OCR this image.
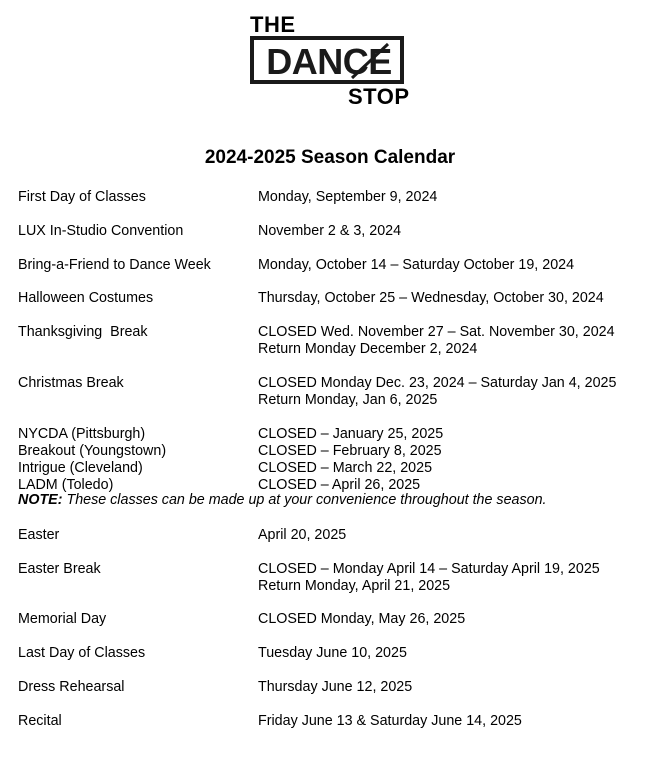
THE
DANCE
STOP
2024-2025 Season Calendar
First Day of Classes	Monday, September 9, 2024
LUX In-Studio Convention	November 2 & 3, 2024
Bring-a-Friend to Dance Week	Monday, October 14 – Saturday October 19, 2024
Halloween Costumes	Thursday, October 25 – Wednesday, October 30, 2024
Thanksgiving  Break	CLOSED Wed. November 27 – Sat. November 30, 2024
Return Monday December 2, 2024
Christmas Break	CLOSED Monday Dec. 23, 2024 – Saturday Jan 4, 2025
Return Monday, Jan 6, 2025
NYCDA (Pittsburgh)	CLOSED – January 25, 2025
Breakout (Youngstown)	CLOSED – February 8, 2025
Intrigue (Cleveland)	CLOSED – March 22, 2025
LADM (Toledo)	CLOSED – April 26, 2025
NOTE: These classes can be made up at your convenience throughout the season.
Easter	April 20, 2025
Easter Break	CLOSED – Monday April 14 – Saturday April 19, 2025
Return Monday, April 21, 2025
Memorial Day	CLOSED Monday, May 26, 2025
Last Day of Classes	Tuesday June 10, 2025
Dress Rehearsal	Thursday June 12, 2025
Recital	Friday June 13 & Saturday June 14, 2025
